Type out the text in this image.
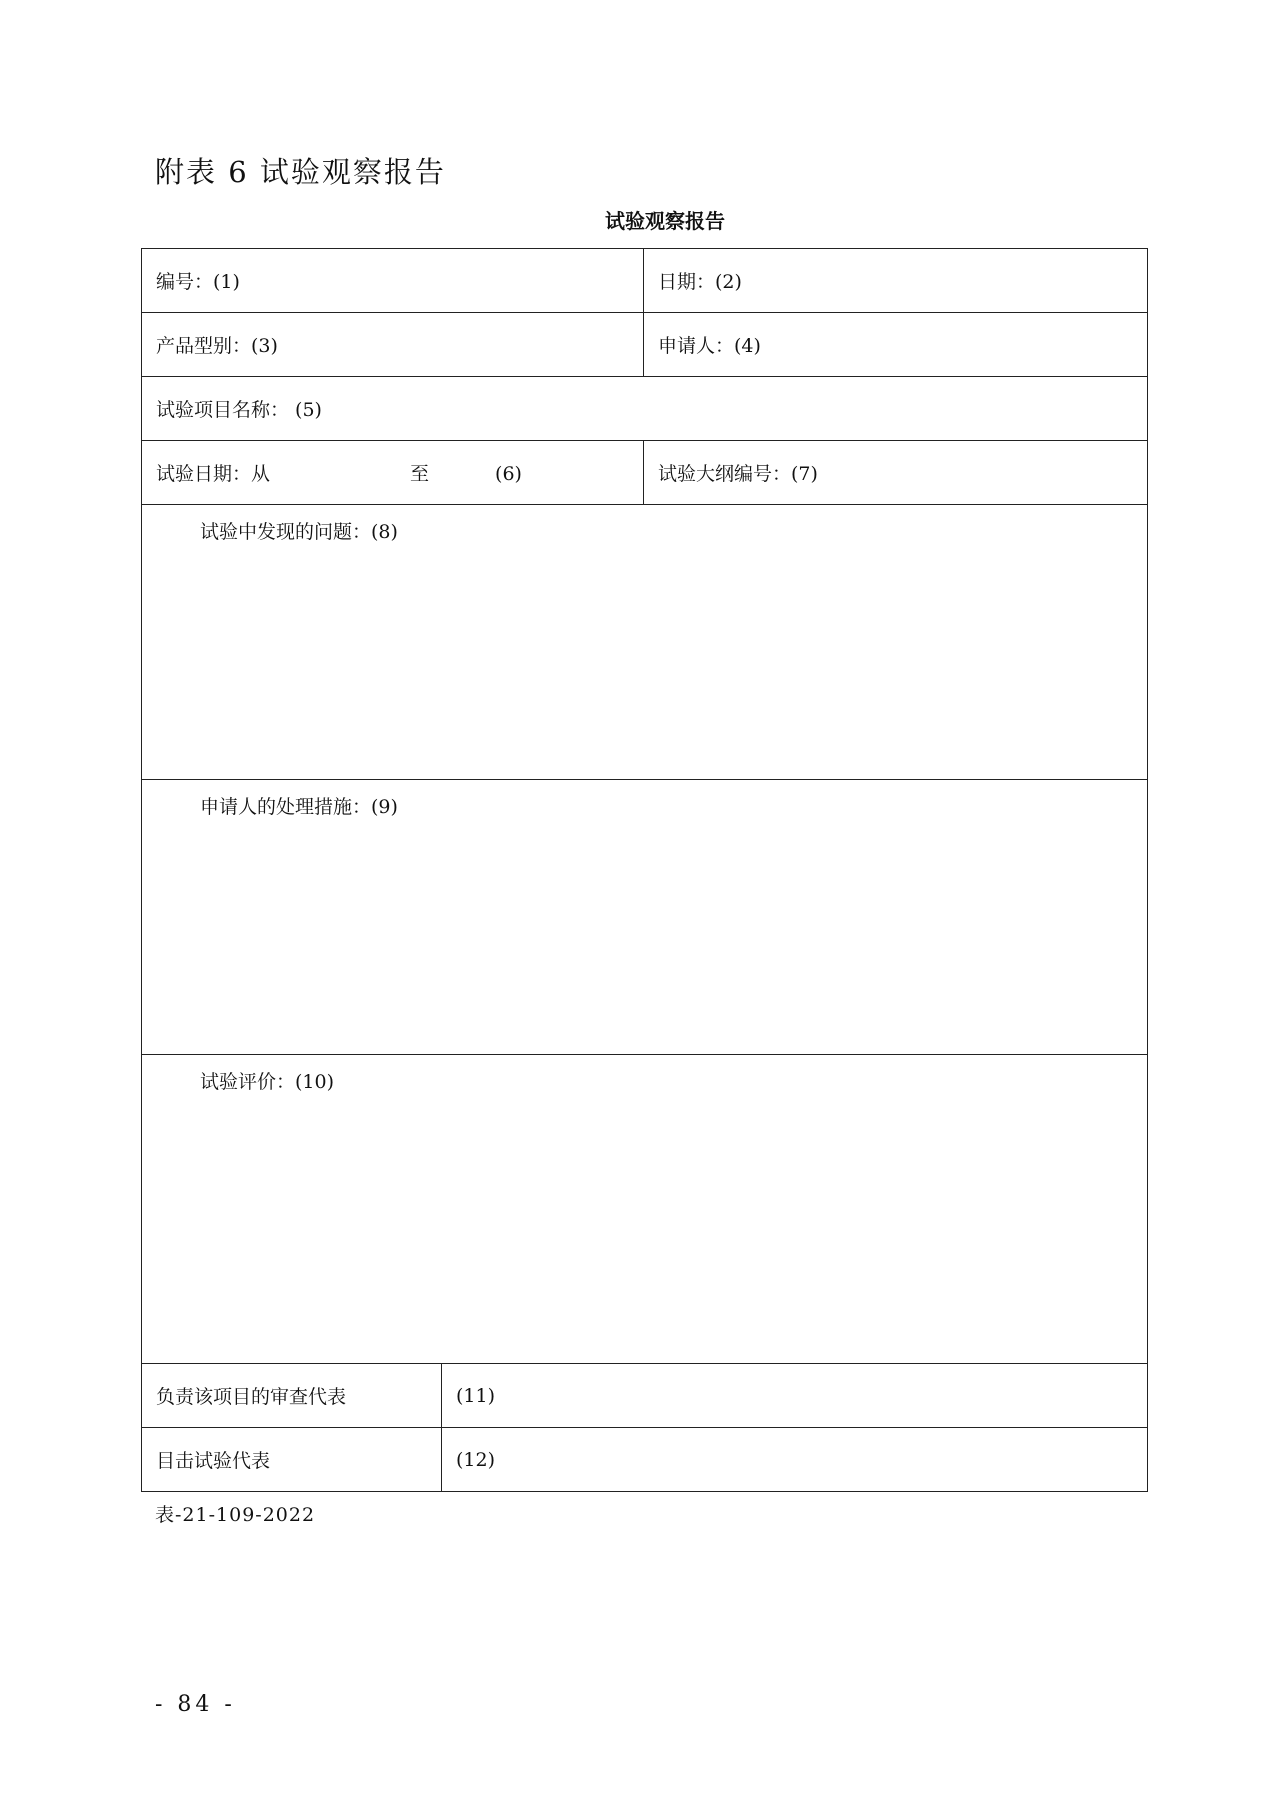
附表 6 试验观察报告
试验观察报告
编号：(1)		日期：(2)
产品型别：(3)		申请人：(4)
试验项目名称： (5)		
试验日期：从 至 (6)		试验大纲编号：(7)
试验中发现的问题：(8)		
申请人的处理措施：(9)		
试验评价：(10)		
负责该项目的审查代表	(11)	
目击试验代表	(12)	
表-21-109-2022
- 84 -
